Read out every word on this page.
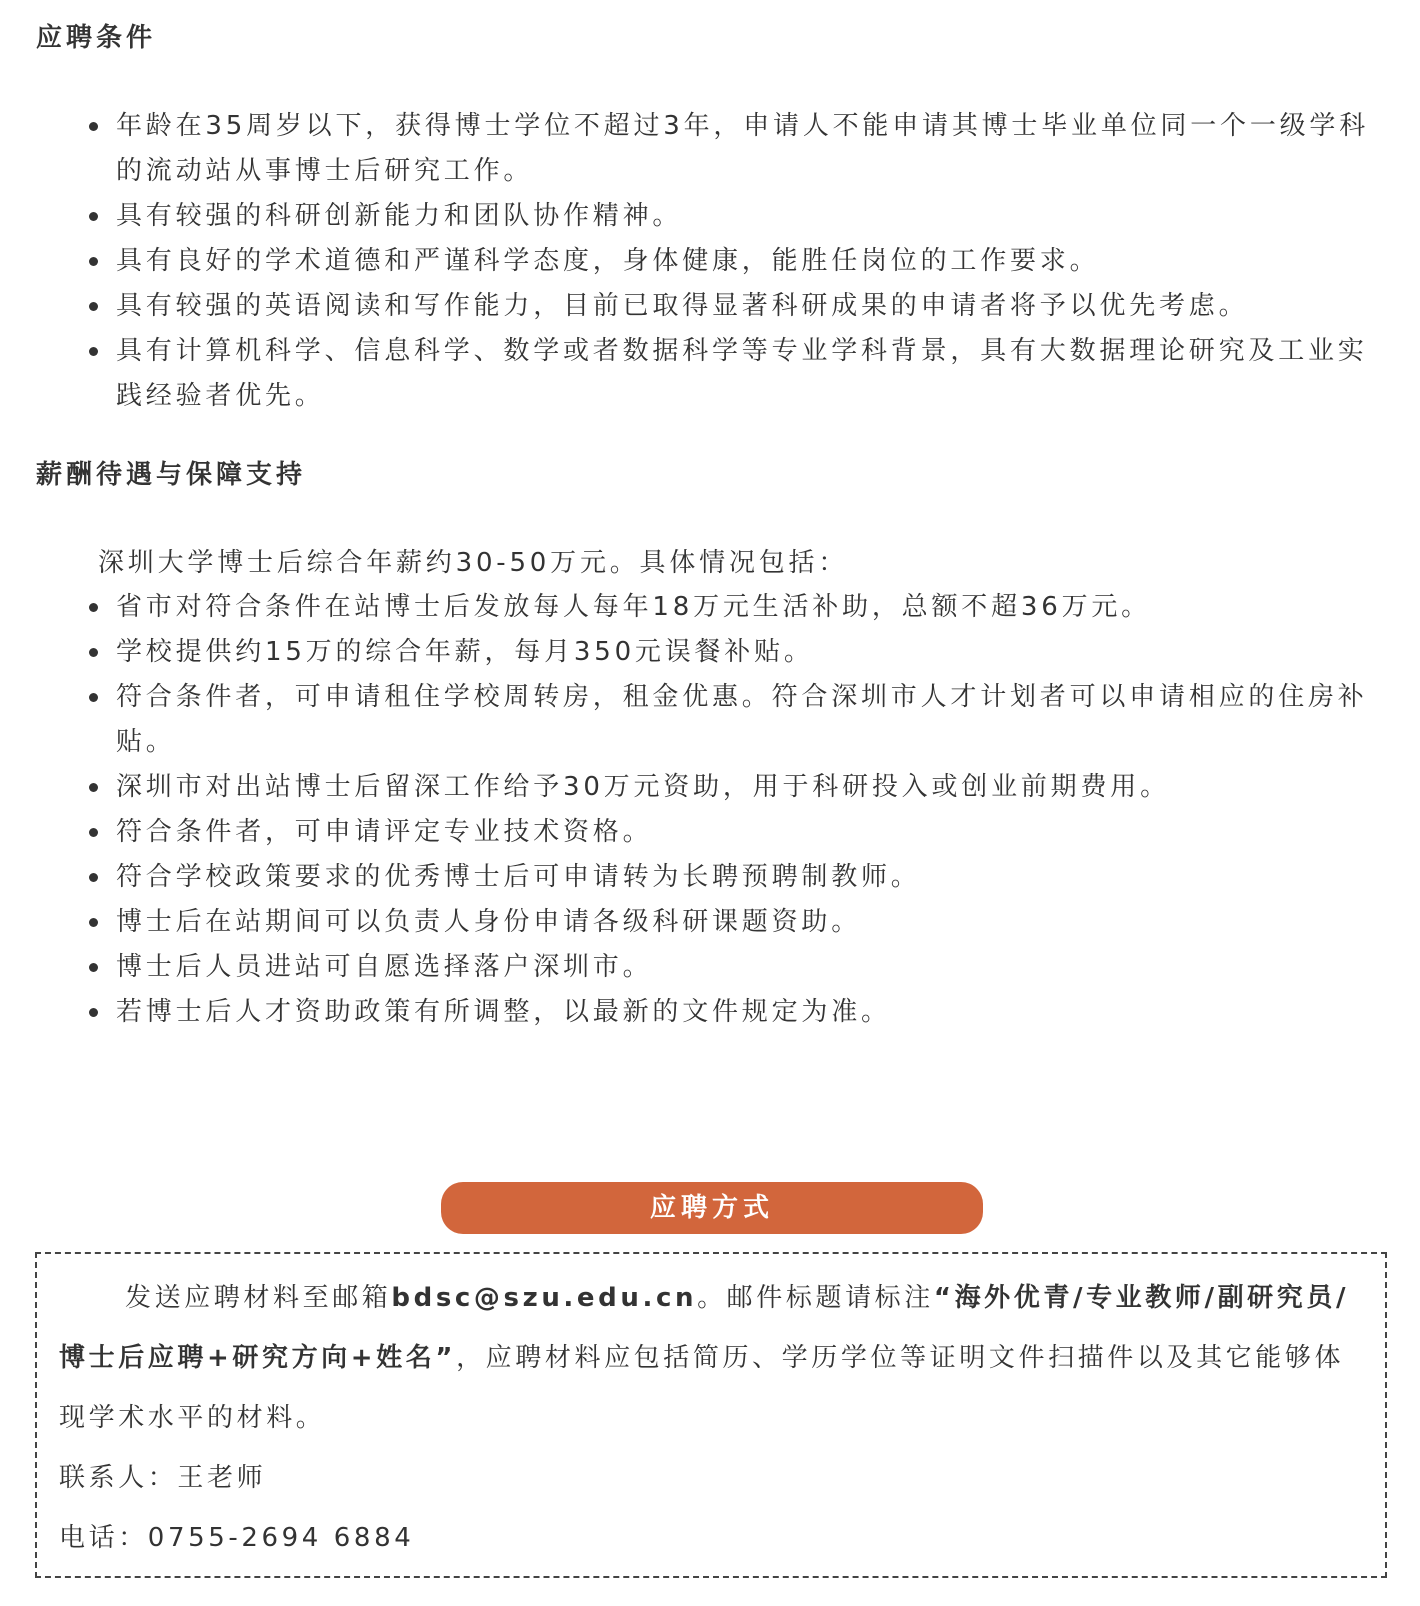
应聘条件
年龄在35周岁以下，获得博士学位不超过3年，申请人不能申请其博士毕业单位同一个一级学科的流动站从事博士后研究工作。
具有较强的科研创新能力和团队协作精神。
具有良好的学术道德和严谨科学态度，身体健康，能胜任岗位的工作要求。
具有较强的英语阅读和写作能力，目前已取得显著科研成果的申请者将予以优先考虑。
具有计算机科学、信息科学、数学或者数据科学等专业学科背景，具有大数据理论研究及工业实践经验者优先。
薪酬待遇与保障支持

深圳大学博士后综合年薪约30-50万元。具体情况包括：

省市对符合条件在站博士后发放每人每年18万元生活补助，总额不超36万元。
学校提供约15万的综合年薪，每月350元误餐补贴。
符合条件者，可申请租住学校周转房，租金优惠。符合深圳市人才计划者可以申请相应的住房补贴。
深圳市对出站博士后留深工作给予30万元资助，用于科研投入或创业前期费用。
符合条件者，可申请评定专业技术资格。
符合学校政策要求的优秀博士后可申请转为长聘预聘制教师。
博士后在站期间可以负责人身份申请各级科研课题资助。
博士后人员进站可自愿选择落户深圳市。
若博士后人才资助政策有所调整，以最新的文件规定为准。
应聘方式

发送应聘材料至邮箱bdsc@szu.edu.cn。邮件标题请标注“海外优青/专业教师/副研究员/博士后应聘+研究方向+姓名”，应聘材料应包括简历、学历学位等证明文件扫描件以及其它能够体现学术水平的材料。

联系人：王老师

电话：0755-2694 6884
